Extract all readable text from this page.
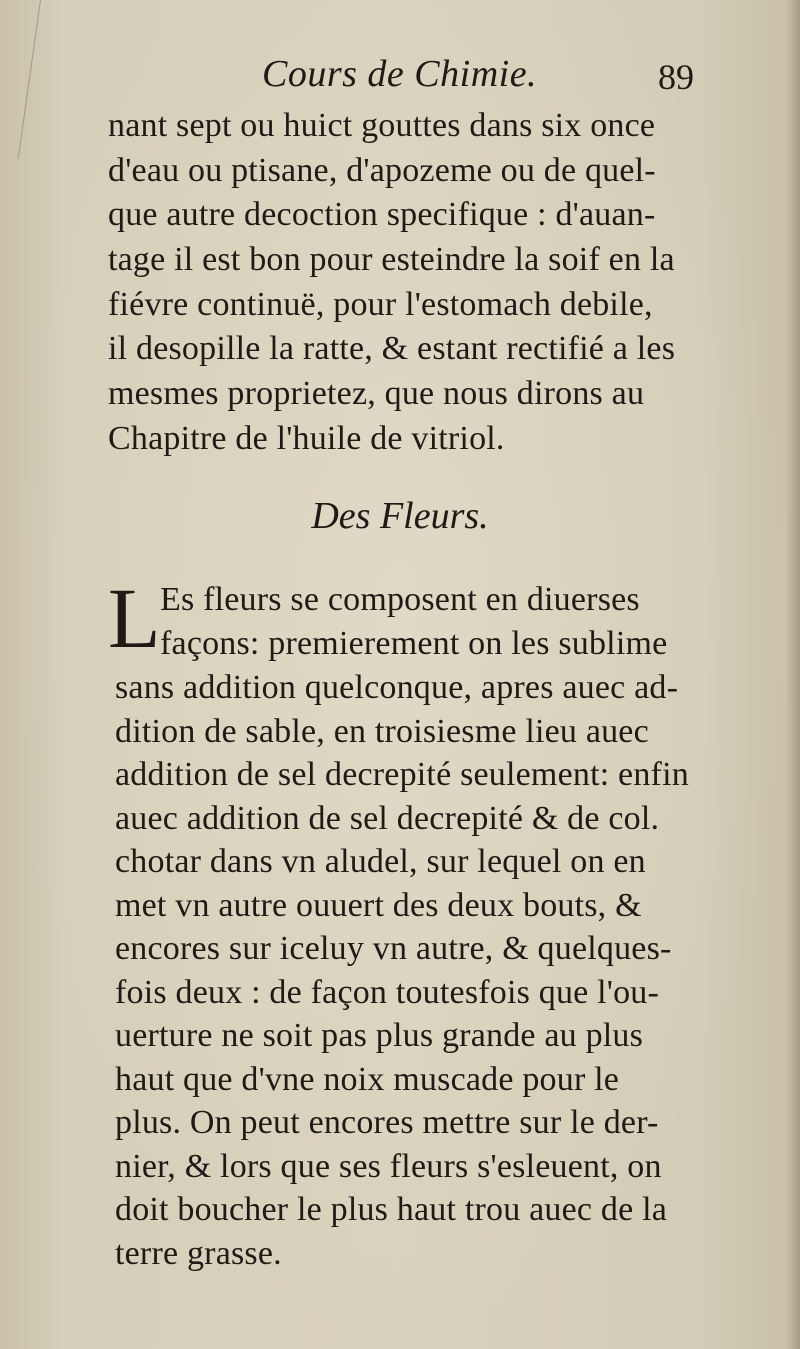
Cours de Chimie.	89
nant sept ou huict gouttes dans six once
d'eau ou ptisane, d'apozeme ou de quel-
que autre decoction specifique : d'auan-
tage il est bon pour esteindre la soif en la
fiévre continuë, pour l'estomach debile,
il desopille la ratte, & estant rectifié a les
mesmes proprietez, que nous dirons au
Chapitre de l'huile de vitriol.
Des Fleurs.
L Es fleurs se composent en diuerses
façons: premierement on les sublime
sans addition quelconque, apres auec ad-
dition de sable, en troisiesme lieu auec
addition de sel decrepité seulement: enfin
auec addition de sel decrepité & de col.
chotar dans vn aludel, sur lequel on en
met vn autre ouuert des deux bouts, &
encores sur iceluy vn autre, & quelques-
fois deux : de façon toutesfois que l'ou-
uerture ne soit pas plus grande au plus
haut que d'vne noix muscade pour le
plus. On peut encores mettre sur le der-
nier, & lors que ses fleurs s'esleuent, on
doit boucher le plus haut trou auec de la
terre grasse.
